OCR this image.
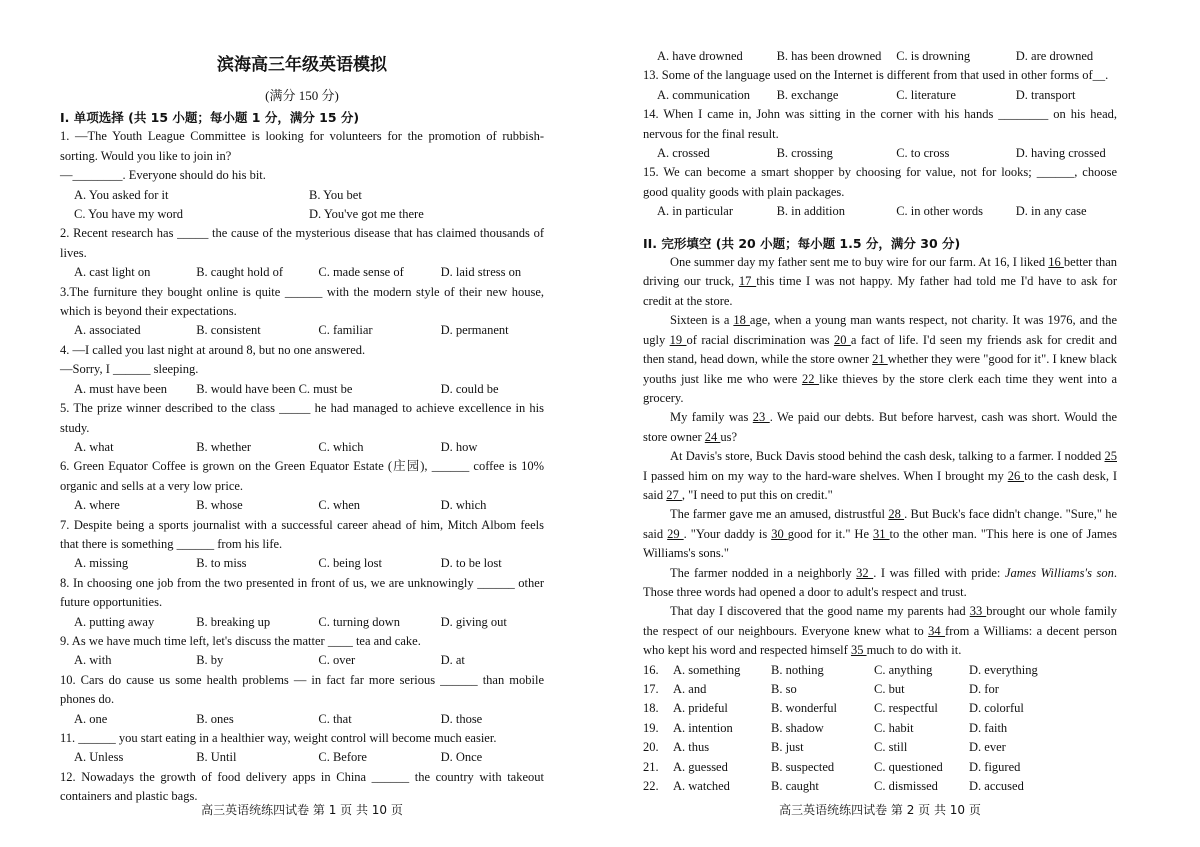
滨海高三年级英语模拟
(满分 150 分)

I. 单项选择 (共 15 小题；每小题 1 分，满分 15 分)

1. —The Youth League Committee is looking for volunteers for the promotion of rubbish-sorting. Would you like to join in?

—________. Everyone should do his bit.

A. You asked for it	B. You bet
C. You have my word	D. You've got me there

2. Recent research has _____ the cause of the mysterious disease that has claimed thousands of lives.

A. cast light on	B. caught hold of	C. made sense of	D. laid stress on

3.The furniture they bought online is quite ______ with the modern style of their new house, which is beyond their expectations.

A. associated	B. consistent	C. familiar	D. permanent

4. —I called you last night at around 8, but no one answered.

—Sorry, I ______ sleeping.

A. must have been	B. would have been C. must be	D. could be

5. The prize winner described to the class _____ he had managed to achieve excellence in his study.

A. what	B. whether	C. which	D. how

6. Green Equator Coffee is grown on the Green Equator Estate (庄园), ______ coffee is 10% organic and sells at a very low price.

A. where	B. whose	C. when	D. which

7. Despite being a sports journalist with a successful career ahead of him, Mitch Albom feels that there is something ______ from his life.

A. missing	B. to miss	C. being lost	D. to be lost

8. In choosing one job from the two presented in front of us, we are unknowingly ______ other future opportunities.

A. putting away	B. breaking up	C. turning down	D. giving out

9. As we have much time left, let's discuss the matter ____ tea and cake.

A. with	B. by	C. over	D. at

10. Cars do cause us some health problems — in fact far more serious ______ than mobile phones do.

A. one	B. ones	C. that	D. those

11. ______ you start eating in a healthier way, weight control will become much easier.

A. Unless	B. Until	C. Before	D. Once

12. Nowadays the growth of food delivery apps in China ______ the country with takeout containers and plastic bags.

高三英语统练四试卷 第 1 页 共 10 页
A. have drowned	B. has been drowned	C. is drowning	D. are drowned

13. Some of the language used on the Internet is different from that used in other forms of__.

A. communication	B. exchange	C. literature	D. transport

14. When I came in, John was sitting in the corner with his hands ________ on his head, nervous for the final result.

A. crossed	B. crossing	C. to cross	D. having crossed

15. We can become a smart shopper by choosing for value, not for looks; ______, choose good quality goods with plain packages.

A. in particular	B. in addition	C. in other words	D. in any case

II. 完形填空 (共 20 小题；每小题 1.5 分，满分 30 分)

One summer day my father sent me to buy wire for our farm. At 16, I liked 16 better than driving our truck, 17 this time I was not happy. My father had told me I'd have to ask for credit at the store.

Sixteen is a 18 age, when a young man wants respect, not charity. It was 1976, and the ugly 19 of racial discrimination was 20 a fact of life. I'd seen my friends ask for credit and then stand, head down, while the store owner 21 whether they were "good for it". I knew black youths just like me who were 22 like thieves by the store clerk each time they went into a grocery.

My family was 23 . We paid our debts. But before harvest, cash was short. Would the store owner 24 us?

At Davis's store, Buck Davis stood behind the cash desk, talking to a farmer. I nodded 25 I passed him on my way to the hard-ware shelves. When I brought my 26 to the cash desk, I said 27 , "I need to put this on credit."

The farmer gave me an amused, distrustful 28 . But Buck's face didn't change. "Sure," he said 29 . "Your daddy is 30 good for it." He 31 to the other man. "This here is one of James Williams's sons."

The farmer nodded in a neighborly 32 . I was filled with pride: James Williams's son. Those three words had opened a door to adult's respect and trust.

That day I discovered that the good name my parents had 33 brought our whole family the respect of our neighbours. Everyone knew what to 34 from a Williams: a decent person who kept his word and respected himself 35 much to do with it.

16.	A. something	B. nothing	C. anything	D. everything
17.	A. and	B. so	C. but	D. for
18.	A. prideful	B. wonderful	C. respectful	D. colorful
19.	A. intention	B. shadow	C. habit	D. faith
20.	A. thus	B. just	C. still	D. ever
21.	A. guessed	B. suspected	C. questioned	D. figured
22.	A. watched	B. caught	C. dismissed	D. accused
高三英语统练四试卷 第 2 页 共 10 页
